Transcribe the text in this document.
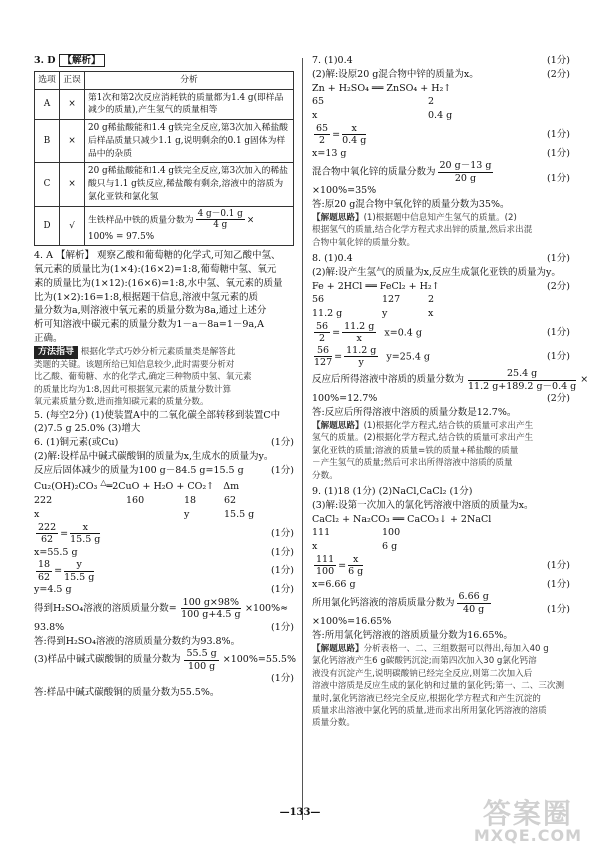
3. D 【解析】
选项	正误	分析
A	×	第1次和第2次反应消耗铁的质量都为1.4 g(即样品减少的质量),产生氢气的质量相等
B	×	20 g稀盐酸能和1.4 g铁完全反应,第3次加入稀盐酸后样品质量只减少1.1 g,说明剩余的0.1 g固体为样品中的杂质
C	×	20 g稀盐酸能和1.4 g铁完全反应,第3次加入的稀盐酸只与1.1 g铁反应,稀盐酸有剩余,溶液中的溶质为氯化亚铁和氯化氢
D	√	生铁样品中铁的质量分数为 $\frac{4 g-0.1 g}{4 g}$ ×
100% = 97.5%
4. A 【解析】 观察乙酸和葡萄糖的化学式,可知乙酸中氢、
氧元素的质量比为(1×4):(16×2)=1:8,葡萄糖中氢、氧元
素的质量比为(1×12):(16×6)=1:8,水中氢、氧元素的质量
比为(1×2):16=1:8,根据题干信息,溶液中氢元素的质
量分数为a,则溶液中氧元素的质量分数为8a,通过上述分
析可知溶液中碳元素的质量分数为1－a－8a=1－9a,A
正确。
方法指导 根据化学式巧妙分析元素质量类是解答此
类题的关键。该题所给已知信息较少,此时需要分析对
比乙酸、葡萄糖、水的化学式,确定三种物质中氢、氧元素
的质量比均为1:8,因此可根据氢元素的质量分数计算
氧元素质量分数,进而推知碳元素的质量分数。
5. (每空2分) (1)使装置A中的二氧化碳全部转移到装置C中
(2)7.5 g 25.0% (3)增大
6. (1)铜元素(或Cu)	(1分)
(2)解:设样品中碱式碳酸铜的质量为x,生成水的质量为y。
反应后固体减少的质量为100 g－84.5 g=15.5 g	(1分)
Cu₂(OH)₂CO₃ △═2CuO + H₂O + CO₂↑ Δm
222	160	18	62
x	y	15.5 g
$\frac{222}{62} = \frac{x}{15.5 g}$	(1分)
x=55.5 g	(1分)
$\frac{18}{62} = \frac{y}{15.5 g}$	(1分)
y=4.5 g	(1分)
得到H₂SO₄溶液的溶质质量分数= $\frac{100 g\times 98\%}{100 g+4.5 g} \times 100\%\approx$
93.8%	(1分)
答:得到H₂SO₄溶液的溶质质量分数约为93.8%。
(3)样品中碱式碳酸铜的质量分数为 $\frac{55.5 g}{100 g} \times 100\%=55.5\%$
(1分)
答:样品中碱式碳酸铜的质量分数为55.5%。
7. (1)0.4	(1分)
(2)解:设原20 g混合物中锌的质量为x。	(2分)
Zn + H₂SO₄ ══ ZnSO₄ + H₂↑
65	2
x	0.4 g
$\frac{65}{2} = \frac{x}{0.4 g}$	(1分)
x=13 g	(1分)
混合物中氧化锌的质量分数为 $\frac{20 g-13 g}{20 g}$
×100%=35%
(1分)
答:原20 g混合物中氧化锌的质量分数为35%。
【解题思路】(1)根据题中信息知产生氢气的质量。(2)
根据氢气的质量,结合化学方程式求出锌的质量,然后求出混
合物中氧化锌的质量分数。
8. (1)0.4	(1分)
(2)解:设产生氢气的质量为x,反应生成氯化亚铁的质量为y。
Fe + 2HCl ══ FeCl₂ + H₂↑	(2分)
56	127	2
11.2 g	y	x
$\frac{56}{2} = \frac{11.2 g}{x} x=0.4$ g	(1分)
$\frac{56}{127} = \frac{11.2 g}{y} y=25.4$ g	(1分)
反应后所得溶液中溶质的质量分数为 $\frac{25.4 g}{11.2 g+189.2 g-0.4 g}$ ×
100%=12.7%	(2分)
答:反应后所得溶液中溶质的质量分数是12.7%。
【解题思路】(1)根据化学方程式,结合铁的质量可求出产生
氢气的质量。(2)根据化学方程式,结合铁的质量可求出产生
氯化亚铁的质量;溶液的质量=铁的质量+稀盐酸的质量
－产生氢气的质量;然后可求出所得溶液中溶质的质量
分数。
9. (1)18 (1分) (2)NaCl,CaCl₂ (1分)
(3)解:设第一次加入的氯化钙溶液中溶质的质量为x。
CaCl₂ + Na₂CO₃ ══ CaCO₃↓ + 2NaCl
111	100
x	6 g
$\frac{111}{100} = \frac{x}{6 g}$	(1分)
x=6.66 g	(1分)
所用氯化钙溶液的溶质质量分数为 $\frac{6.66 g}{40 g}$
×100%=16.65%
(1分)
答:所用氯化钙溶液的溶质质量分数为16.65%。
【解题思路】分析表格一、二、三组数据可以得出,每加入40 g
氯化钙溶液产生6 g碳酸钙沉淀;而第四次加入30 g氯化钙溶
液没有沉淀产生,说明碳酸钠已经完全反应,则第二次加入后
溶液中溶质是反应生成的氯化钠和过量的氯化钙;第一、二、三次测
量时,氯化钙溶液已经完全反应,根据化学方程式和产生沉淀的
质量求出溶液中氯化钙的质量,进而求出所用氯化钙溶液的溶质
质量分数。
—133—	答案圈
MXQE.COM
